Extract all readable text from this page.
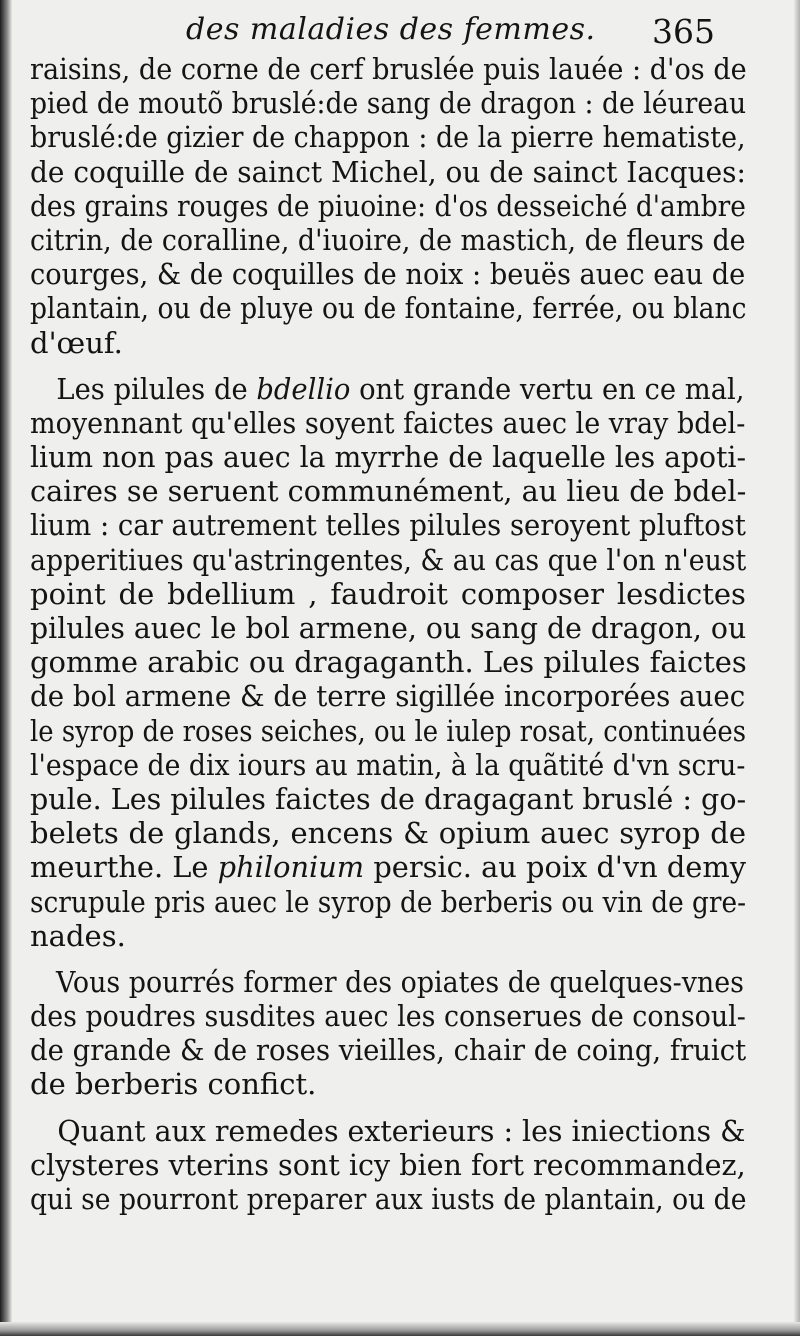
des maladies des femmes. 365
raisins, de corne de cerf bruslée puis lauée : d'os de
pied de moutõ bruslé:de sang de dragon : de léureau
bruslé:de gizier de chappon : de la pierre hematiste,
de coquille de sainct Michel, ou de sainct Iacques:
des grains rouges de piuoine: d'os desseiché d'ambre
citrin, de coralline, d'iuoire, de mastich, de fleurs de
courges, & de coquilles de noix : beuës auec eau de
plantain, ou de pluye ou de fontaine, ferrée, ou blanc
d'œuf.
Les pilules de bdellio ont grande vertu en ce mal,
moyennant qu'elles soyent faictes auec le vray bdel-
lium non pas auec la myrrhe de laquelle les apoti-
caires se seruent communément, au lieu de bdel-
lium : car autrement telles pilules seroyent pluftost
apperitiues qu'astringentes, & au cas que l'on n'eust
point de bdellium , faudroit composer lesdictes
pilules auec le bol armene, ou sang de dragon, ou
gomme arabic ou dragaganth. Les pilules faictes
de bol armene & de terre sigillée incorporées auec
le syrop de roses seiches, ou le iulep rosat, continuées
l'espace de dix iours au matin, à la quãtité d'vn scru-
pule. Les pilules faictes de dragagant bruslé : go-
belets de glands, encens & opium auec syrop de
meurthe. Le philonium persic. au poix d'vn demy
scrupule pris auec le syrop de berberis ou vin de gre-
nades.
Vous pourrés former des opiates de quelques-vnes
des poudres susdites auec les conserues de consoul-
de grande & de roses vieilles, chair de coing, fruict
de berberis confict.
Quant aux remedes exterieurs : les iniections &
clysteres vterins sont icy bien fort recommandez,
qui se pourront preparer aux iusts de plantain, ou de
